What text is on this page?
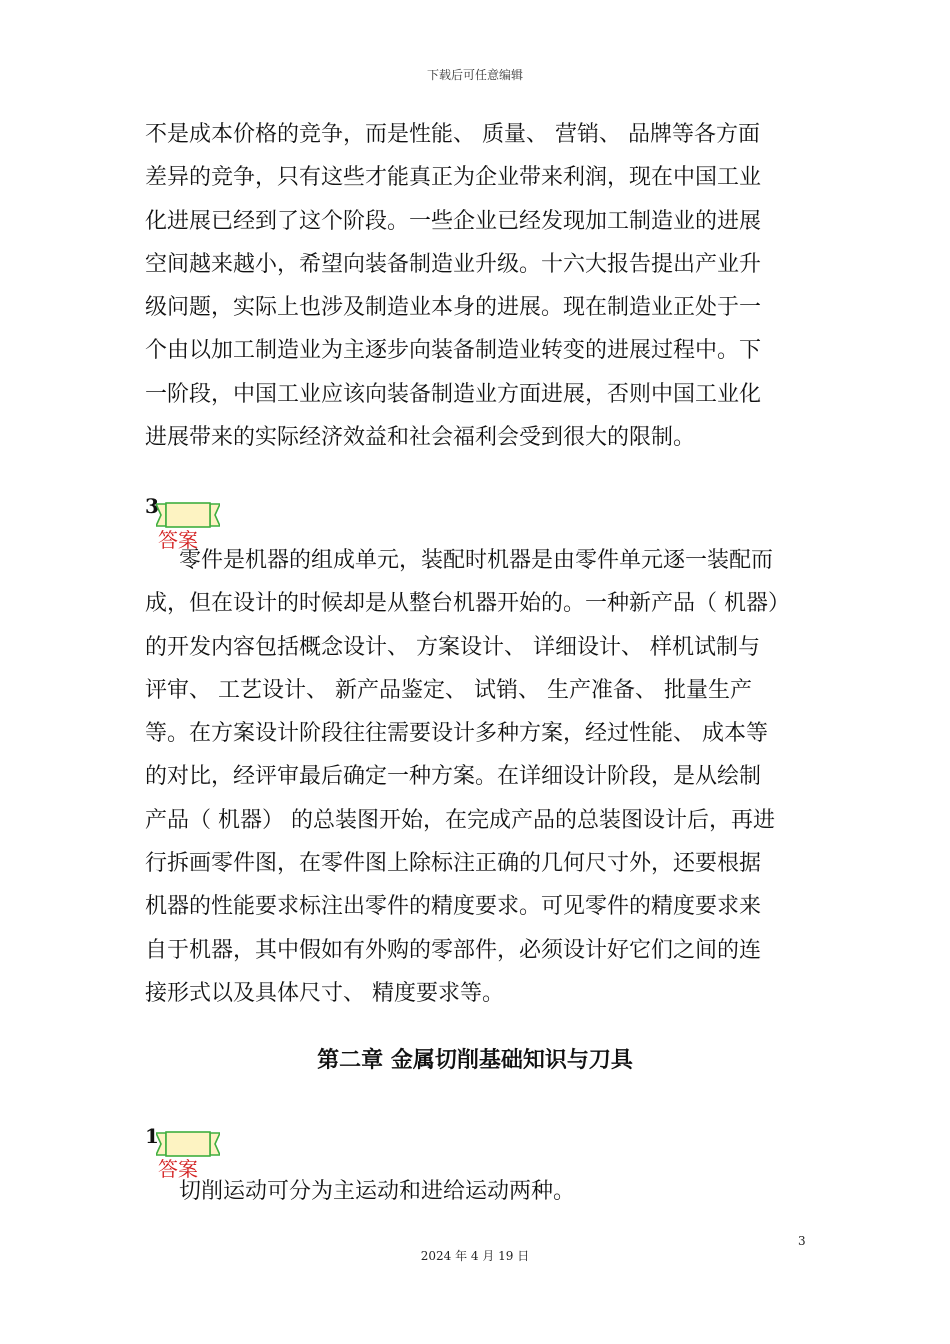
下载后可任意编辑
不是成本价格的竞争，而是性能、 质量、 营销、 品牌等各方面
差异的竞争，只有这些才能真正为企业带来利润，现在中国工业
化进展已经到了这个阶段。一些企业已经发现加工制造业的进展
空间越来越小，希望向装备制造业升级。十六大报告提出产业升
级问题，实际上也涉及制造业本身的进展。现在制造业正处于一
个由以加工制造业为主逐步向装备制造业转变的进展过程中。下
一阶段，中国工业应该向装备制造业方面进展，否则中国工业化
进展带来的实际经济效益和社会福利会受到很大的限制。
3
答案
零件是机器的组成单元，装配时机器是由零件单元逐一装配而
成，但在设计的时候却是从整台机器开始的。一种新产品（ 机器）
的开发内容包括概念设计、 方案设计、 详细设计、 样机试制与
评审、 工艺设计、 新产品鉴定、 试销、 生产准备、 批量生产
等。在方案设计阶段往往需要设计多种方案，经过性能、 成本等
的对比，经评审最后确定一种方案。在详细设计阶段，是从绘制
产品（ 机器） 的总装图开始，在完成产品的总装图设计后，再进
行拆画零件图，在零件图上除标注正确的几何尺寸外，还要根据
机器的性能要求标注出零件的精度要求。可见零件的精度要求来
自于机器，其中假如有外购的零部件，必须设计好它们之间的连
接形式以及具体尺寸、 精度要求等。
第二章 金属切削基础知识与刀具
1
答案
切削运动可分为主运动和进给运动两种。
3
2024 年 4 月 19 日
